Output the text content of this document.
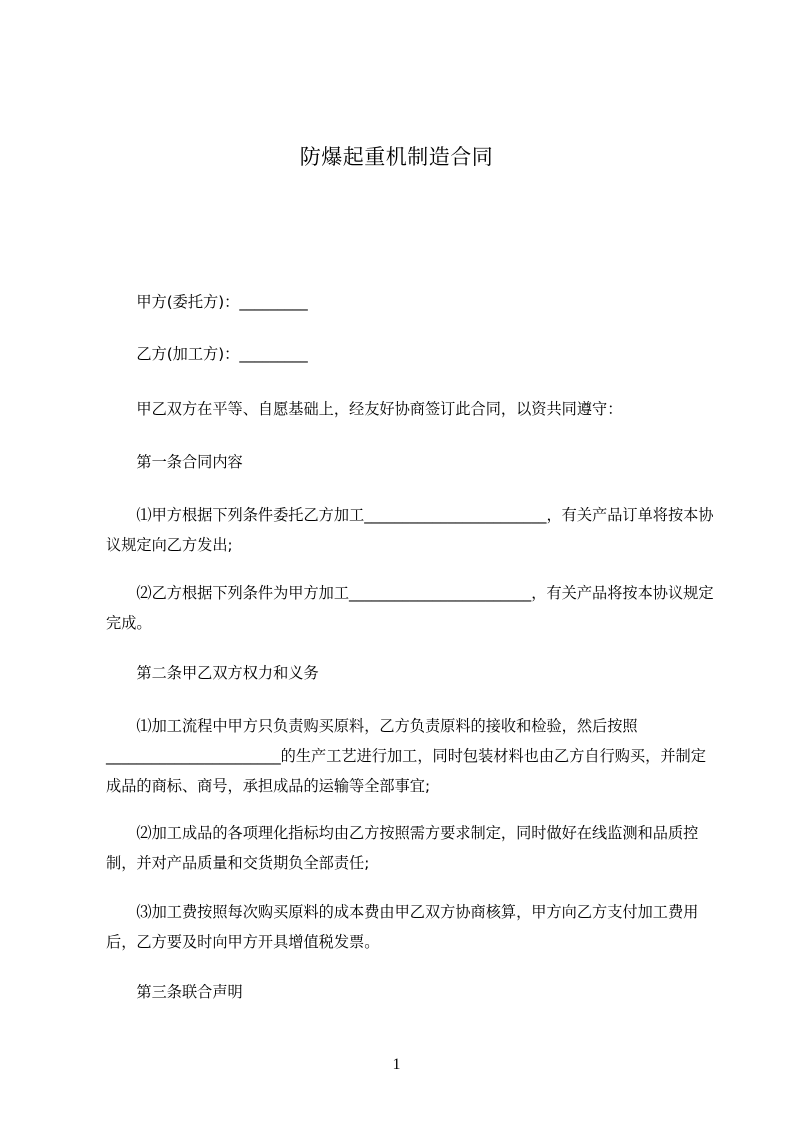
防爆起重机制造合同

　　甲方(委托方)：_________

　　乙方(加工方)：_________

　　甲乙双方在平等、自愿基础上，经友好协商签订此合同，以资共同遵守：

　　第一条合同内容

　　⑴甲方根据下列条件委托乙方加工________________________，有关产品订单将按本协议规定向乙方发出;

　　⑵乙方根据下列条件为甲方加工________________________，有关产品将按本协议规定完成。

　　第二条甲乙双方权力和义务

　　⑴加工流程中甲方只负责购买原料，乙方负责原料的接收和检验，然后按照_______________________的生产工艺进行加工，同时包装材料也由乙方自行购买，并制定成品的商标、商号，承担成品的运输等全部事宜;

　　⑵加工成品的各项理化指标均由乙方按照需方要求制定，同时做好在线监测和品质控制，并对产品质量和交货期负全部责任;

　　⑶加工费按照每次购买原料的成本费由甲乙双方协商核算，甲方向乙方支付加工费用后，乙方要及时向甲方开具增值税发票。

　　第三条联合声明

1
